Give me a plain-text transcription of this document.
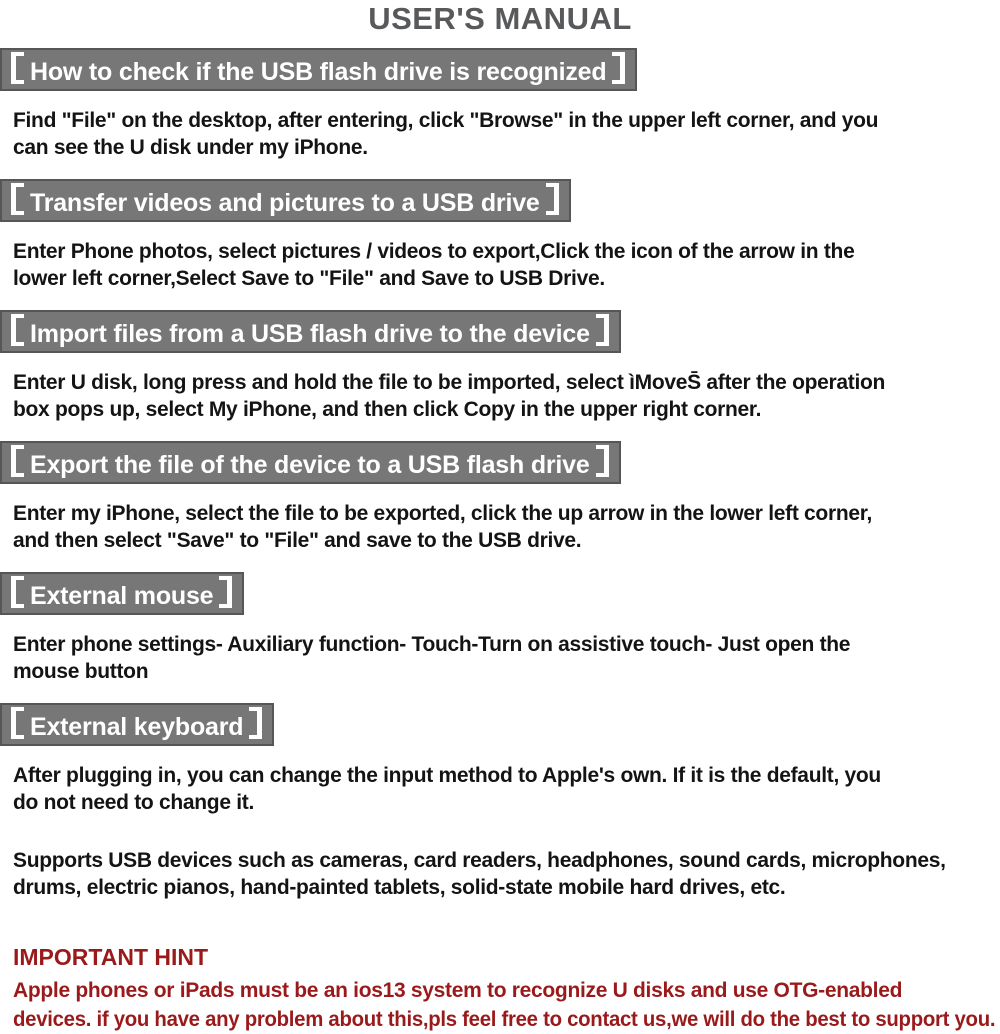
USER'S MANUAL
How to check if the USB flash drive is recognized
Find "File" on the desktop, after entering, click "Browse" in the upper left corner, and you
can see the U disk under my iPhone.
Transfer videos and pictures to a USB drive
Enter Phone photos, select pictures / videos to export,Click the icon of the arrow in the
lower left corner,Select Save to "File" and Save to USB Drive.
Import files from a USB flash drive to the device
Enter U disk, long press and hold the file to be imported, select ìMoveS̄ after the operation
box pops up, select My iPhone, and then click Copy in the upper right corner.
Export the file of the device to a USB flash drive
Enter my iPhone, select the file to be exported, click the up arrow in the lower left corner,
and then select "Save" to "File" and save to the USB drive.
External mouse
Enter phone settings- Auxiliary function- Touch-Turn on assistive touch- Just open the
mouse button
External keyboard
After plugging in, you can change the input method to Apple's own. If it is the default, you
do not need to change it.
Supports USB devices such as cameras, card readers, headphones, sound cards, microphones,
drums, electric pianos, hand-painted tablets, solid-state mobile hard drives, etc.
IMPORTANT HINT
Apple phones or iPads must be an ios13 system to recognize U disks and use OTG-enabled
devices. if you have any problem about this,pls feel free to contact us,we will do the best to support you.
